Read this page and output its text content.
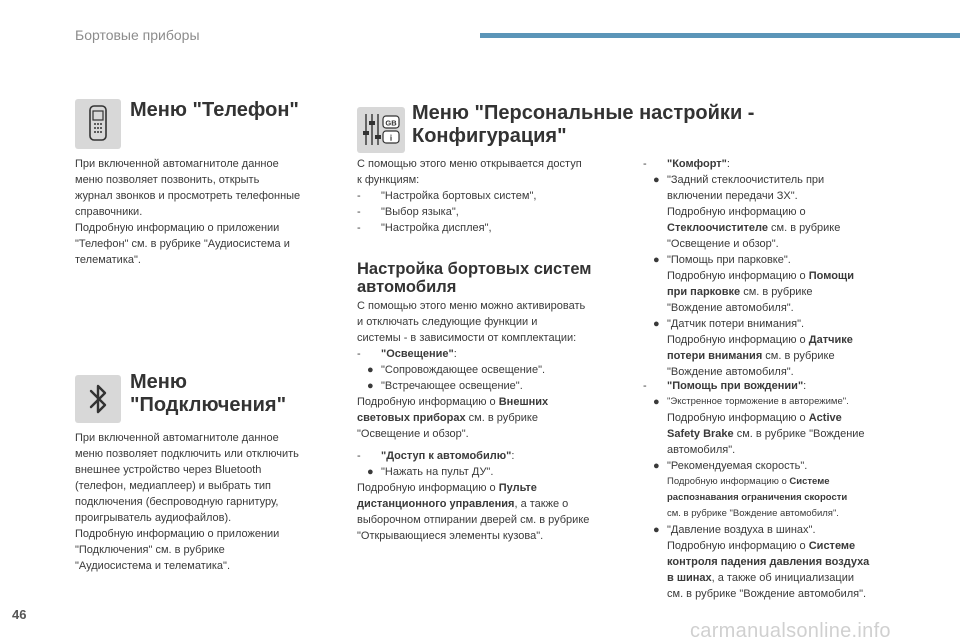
Бортовые приборы
Меню "Телефон"

При включенной автомагнитоле данное

меню позволяет позвонить, открыть

журнал звонков и просмотреть телефонные

справочники.

Подробную информацию о приложении

"Телефон" см. в рубрике "Аудиосистема и

телематика".

Меню
"Подключения"

При включенной автомагнитоле данное

меню позволяет подключить или отключить

внешнее устройство через Bluetooth

(телефон, медиаплеер) и выбрать тип

подключения (беспроводную гарнитуру,

проигрыватель аудиофайлов).

Подробную информацию о приложении

"Подключения" см. в рубрике

"Аудиосистема и телематика".

GB
i
Меню "Персональные настройки -
Конфигурация"

С помощью этого меню открывается доступ

к функциям:

- "Настройка бортовых систем",
- "Выбор языка",
- "Настройка дисплея",
Настройка бортовых систем
автомобиля

С помощью этого меню можно активировать

и отключать следующие функции и

системы - в зависимости от комплектации:

- "Освещение":
● "Сопровождающее освещение".
● "Встречающее освещение".

Подробную информацию о Внешних

световых приборах см. в рубрике

"Освещение и обзор".

- "Доступ к автомобилю":
● "Нажать на пульт ДУ".

Подробную информацию о Пульте

дистанционного управления, а также о

выборочном отпирании дверей см. в рубрике

"Открывающиеся элементы кузова".

- "Комфорт":
● "Задний стеклоочиститель при
включении передачи ЗХ".
Подробную информацию о
Стеклоочистителе см. в рубрике
"Освещение и обзор".
● "Помощь при парковке".
Подробную информацию о Помощи
при парковке см. в рубрике
"Вождение автомобиля".
● "Датчик потери внимания".
Подробную информацию о Датчике
потери внимания см. в рубрике
"Вождение автомобиля".
- "Помощь при вождении":
● "Экстренное торможение в авторежиме".
Подробную информацию о Active
Safety Brake см. в рубрике "Вождение
автомобиля".
● "Рекомендуемая скорость".
Подробную информацию о Системе
распознавания ограничения скорости
см. в рубрике "Вождение автомобиля".
● "Давление воздуха в шинах".
Подробную информацию о Системе
контроля падения давления воздуха
в шинах, а также об инициализации
см. в рубрике "Вождение автомобиля".
46
carmanualsonline.info
